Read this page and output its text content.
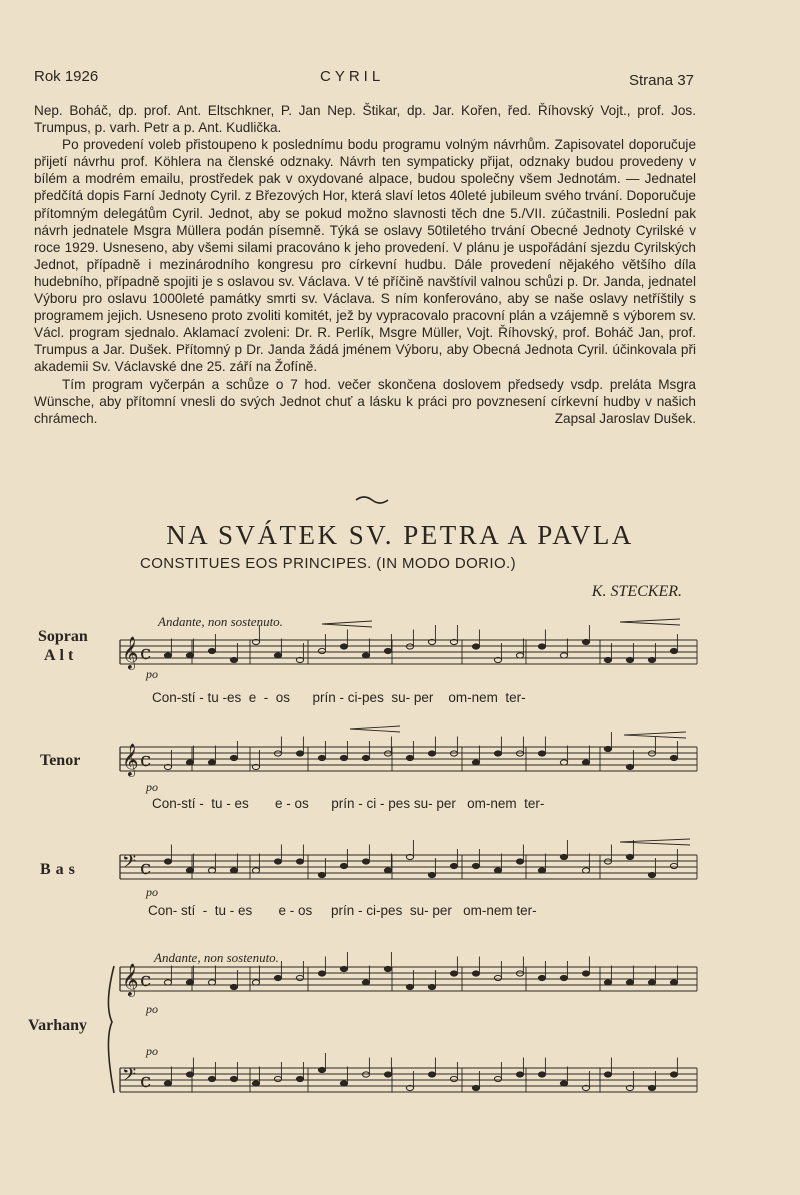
Rok 1926	CYRIL	Strana 37

Nep. Boháč, dp. prof. Ant. Eltschkner, P. Jan Nep. Štikar, dp. Jar. Kořen, řed. Říhovský Vojt., prof. Jos. Trumpus, p. varh. Petr a p. Ant. Kudlička.

Po provedení voleb přistoupeno k poslednímu bodu programu volným návrhům. Zapisovatel doporučuje přijetí návrhu prof. Köhlera na členské odznaky. Návrh ten sympaticky přijat, odznaky budou provedeny v bílém a modrém emailu, prostředek pak v oxydované alpace, budou společny všem Jednotám. — Jednatel předčítá dopis Farní Jednoty Cyril. z Březových Hor, která slaví letos 40leté jubileum svého trvání. Doporučuje přítomným delegátům Cyril. Jednot, aby se pokud možno slavnosti těch dne 5./VII. zúčastnili. Poslední pak návrh jednatele Msgra Müllera podán písemně. Týká se oslavy 50tiletého trvání Obecné Jednoty Cyrilské v roce 1929. Usneseno, aby všemi silami pracováno k jeho provedení. V plánu je uspořádání sjezdu Cyrilských Jednot, případně i mezinárodního kongresu pro církevní hudbu. Dále provedení nějakého většího díla hudebního, případně spojiti je s oslavou sv. Václava. V té příčině navštívil valnou schůzi p. Dr. Janda, jednatel Výboru pro oslavu 1000leté památky smrti sv. Václava. S ním konferováno, aby se naše oslavy netříštily s programem jejich. Usneseno proto zvoliti komitét, jež by vypracovalo pracovní plán a vzájemně s výborem sv. Václ. program sjednalo. Aklamací zvoleni: Dr. R. Perlík, Msgre Müller, Vojt. Říhovský, prof. Boháč Jan, prof. Trumpus a Jar. Dušek. Přítomný p Dr. Janda žádá jménem Výboru, aby Obecná Jednota Cyril. účinkovala při akademii Sv. Václavské dne 25. září na Žofíně.

Tím program vyčerpán a schůze o 7 hod. večer skončena doslovem předsedy vsdp. preláta Msgra Wünsche, aby přítomní vnesli do svých Jednot chuť a lásku k práci pro povznesení církevní hudby v našich chrámech.	Zapsal Jaroslav Dušek.

NA SVÁTEK SV. PETRA A PAVLA
CONSTITUES EOS PRINCIPES. (IN MODO DORIO.)
K. STECKER.
Andante, non sostenuto.
Andante, non sostenuto.
Sopran
Alt
Tenor
Bas
Varhany
po
po
po
po
po
Con-stí - tu -es  e  -  os      prín - ci-pes  su- per    om-nem  ter-
Con-stí -  tu - es       e - os      prín - ci - pes su- per   om-nem  ter-
Con- stí  -  tu - es       e - os     prín - ci-pes  su- per   om-nem ter-
𝄞 c
𝄞 c
𝄢 c
𝄞 c
𝄢 c
